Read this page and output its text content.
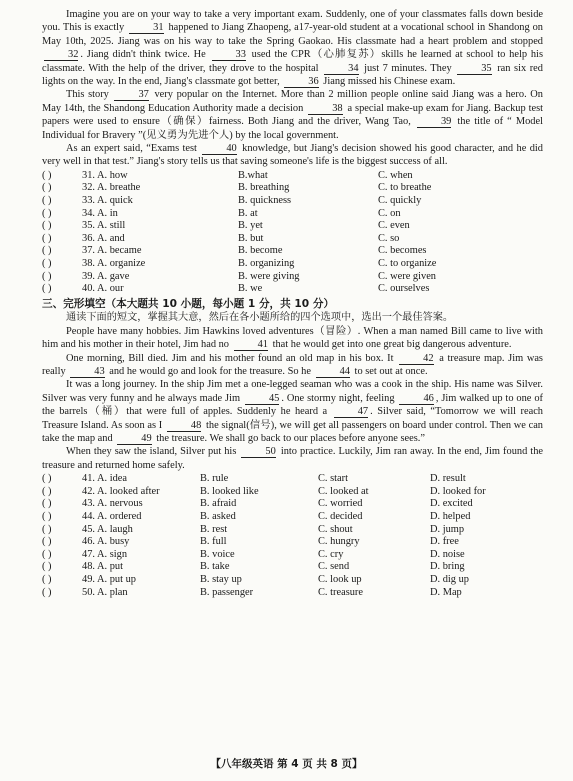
Imagine you are on your way to take a very important exam. Suddenly, one of your classmates falls down beside you. This is exactly	31 happened to Jiang Zhaopeng, a17-year-old student at a vocational school in Shandong on May 10th, 2025. Jiang was on his way to take the Spring Gaokao. His classmate had a heart problem and stopped 32 . Jiang didn't think twice. He	33 used the CPR（心肺复苏）skills he learned at school to help his classmate. With the help of the driver, they drove to the hospital	34 just 7 minutes. They	35 ran six red lights on the way. In the end, Jiang's classmate got better,	36 Jiang missed his Chinese exam.

This story	37 very popular on the Internet. More than 2 million people online said Jiang was a hero. On May 14th, the Shandong Education Authority made a decision	38 a special make-up exam for Jiang. Backup test papers were used to ensure（确保）fairness. Both Jiang and the driver, Wang Tao,	39 the title of “ Model Individual for Bravery ”(见义勇为先进个人) by the local government.

As an expert said, “Exams test	40 knowledge, but Jiang's decision showed his good character, and he did very well in that test.” Jiang's story tells us that saving someone's life is the biggest success of all.

( )	31. A. how	B.what	C. when
( )	32. A. breathe	B. breathing	C. to breathe
( )	33. A. quick	B. quickness	C. quickly
( )	34. A. in	B. at	C. on
( )	35. A. still	B. yet	C. even
( )	36. A. and	B. but	C. so
( )	37. A. became	B. become	C. becomes
( )	38. A. organize	B. organizing	C. to organize
( )	39. A. gave	B. were giving	C. were given
( )	40. A. our	B. we	C. ourselves
三、完形填空（本大题共 10 小题，每小题 1 分，共 10 分）

通读下面的短文，掌握其大意，然后在各小题所给的四个选项中，选出一个最佳答案。

People have many hobbies. Jim Hawkins loved adventures（冒险）. When a man named Bill came to live with him and his mother in their hotel, Jim had no	41 that he would get into one great big dangerous adventure.

One morning, Bill died. Jim and his mother found an old map in his box. It	42 a treasure map. Jim was really	43 and he would go and look for the treasure. So he	44 to set out at once.

It was a long journey. In the ship Jim met a one-legged seaman who was a cook in the ship. His name was Silver. Silver was very funny and he always made Jim	45 . One stormy night, feeling	46 , Jim walked up to one of the barrels（桶）that were full of apples. Suddenly he heard a	47 . Silver said, “Tomorrow we will reach Treasure Island. As soon as I	48 the signal(信号), we will get all passengers on board under control. Then we can take the map and	49 the treasure. We shall go back to our places before anyone sees.”

When they saw the island, Silver put his	50 into practice. Luckily, Jim ran away. In the end, Jim found the treasure and returned home safely.

( )	41. A. idea	B. rule	C. start	D. result
( )	42. A. looked after	B. looked like	C. looked at	D. looked for
( )	43. A. nervous	B. afraid	C. worried	D. excited
( )	44. A. ordered	B. asked	C. decided	D. helped
( )	45. A. laugh	B. rest	C. shout	D. jump
( )	46. A. busy	B. full	C. hungry	D. free
( )	47. A. sign	B. voice	C. cry	D. noise
( )	48. A. put	B. take	C. send	D. bring
( )	49. A. put up	B. stay up	C. look up	D. dig up
( )	50. A. plan	B. passenger	C. treasure	D. Map
【八年级英语 第 4 页 共 8 页】
